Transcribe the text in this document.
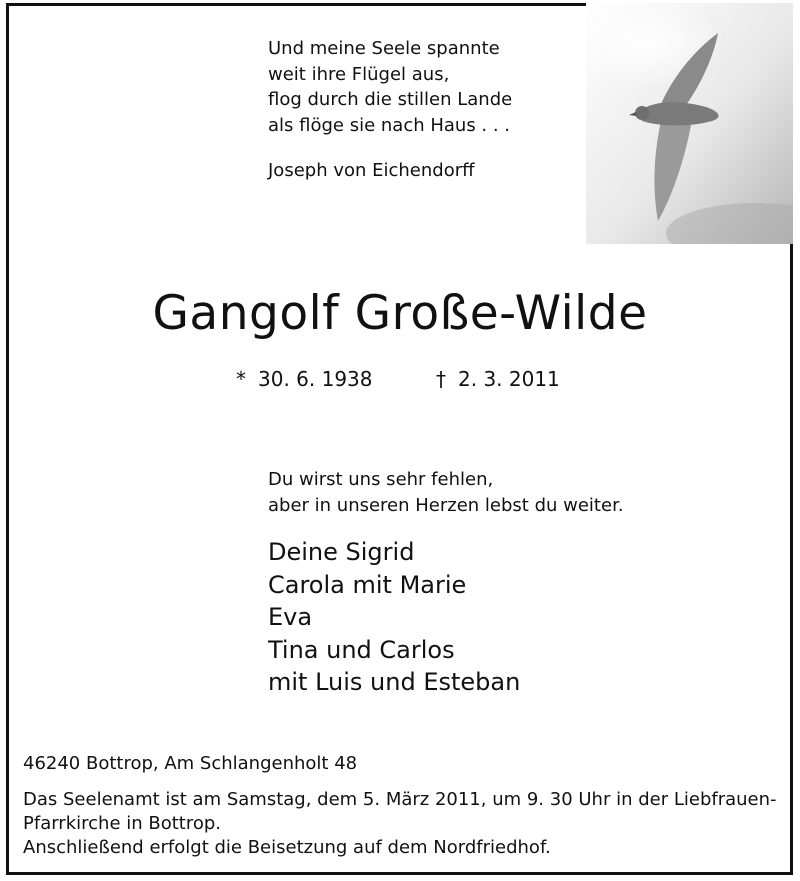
Und meine Seele spannte
weit ihre Flügel aus,
flog durch die stillen Lande
als flöge sie nach Haus . . .
Joseph von Eichendorff
Gangolf Große-Wilde
* 30. 6. 1938	† 2. 3. 2011
Du wirst uns sehr fehlen,
aber in unseren Herzen lebst du weiter.
Deine Sigrid
Carola mit Marie
Eva
Tina und Carlos
mit Luis und Esteban
46240 Bottrop, Am Schlangenholt 48
Das Seelenamt ist am Samstag, dem 5. März 2011, um 9. 30 Uhr in der Liebfrauen-
Pfarrkirche in Bottrop.
Anschließend erfolgt die Beisetzung auf dem Nordfriedhof.
